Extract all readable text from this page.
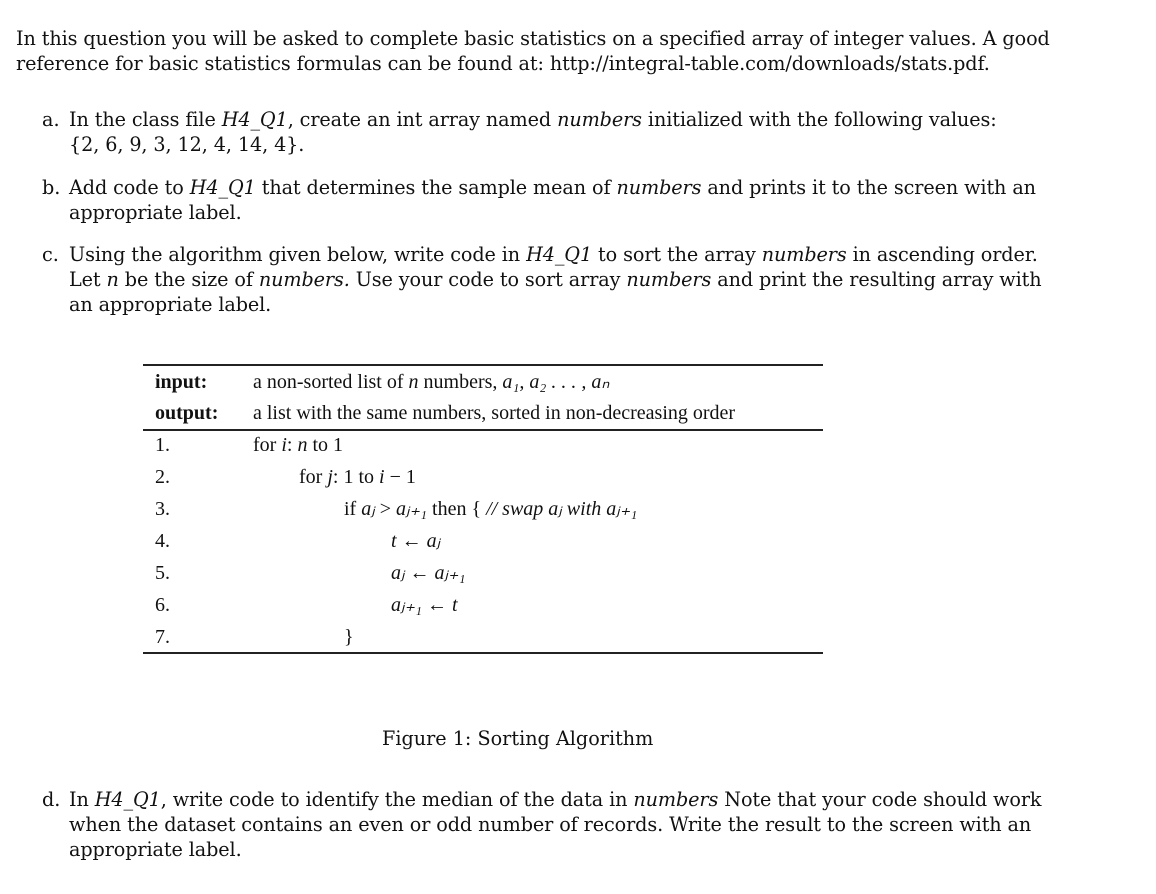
In this question you will be asked to complete basic statistics on a specified array of integer values. A good
reference for basic statistics formulas can be found at: http://integral-table.com/downloads/stats.pdf.
a. In the class file H4_Q1, create an int array named numbers initialized with the following values:
{2, 6, 9, 3, 12, 4, 14, 4}.
b. Add code to H4_Q1 that determines the sample mean of numbers and prints it to the screen with an
appropriate label.
c. Using the algorithm given below, write code in H4_Q1 to sort the array numbers in ascending order.
Let n be the size of numbers. Use your code to sort array numbers and print the resulting array with
an appropriate label.
input: a non-sorted list of n numbers, a₁, a₂ . . . , aₙ
output: a list with the same numbers, sorted in non-decreasing order
1.	for i: n to 1
2.	for j: 1 to i − 1
3.	if aⱼ > aⱼ₊₁ then { // swap aⱼ with aⱼ₊₁
4.	t ← aⱼ
5.	aⱼ ← aⱼ₊₁
6.	aⱼ₊₁ ← t
7.	}
Figure 1: Sorting Algorithm
d. In H4_Q1, write code to identify the median of the data in numbers Note that your code should work
when the dataset contains an even or odd number of records. Write the result to the screen with an
appropriate label.
